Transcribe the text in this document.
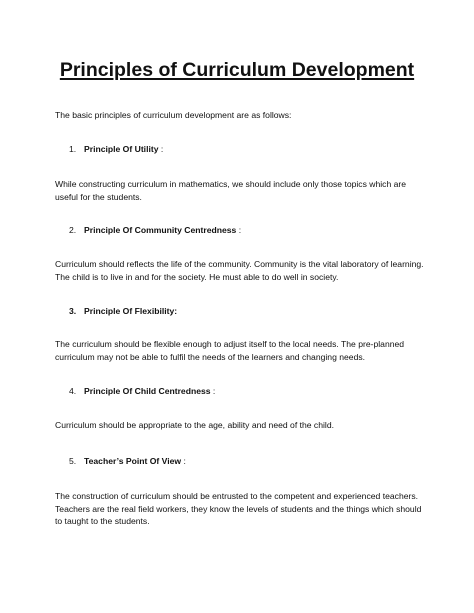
Principles of Curriculum Development
The basic principles of curriculum development are as follows:
1. Principle Of Utility :
While constructing curriculum in mathematics, we should include only those topics which are useful for the students.
2. Principle Of Community Centredness :
Curriculum should reflects the life of the community. Community is the vital laboratory of learning. The child is to live in and for the society. He must able to do well in society.
3. Principle Of Flexibility:
The curriculum should be flexible enough to adjust itself to the local needs. The pre-planned curriculum may not be able to fulfil the needs of the learners and changing needs.
4. Principle Of Child Centredness :
Curriculum should be appropriate to the age, ability and need of the child.
5. Teacher’s Point Of View :
The construction of curriculum should be entrusted to the competent and experienced teachers. Teachers are the real field workers, they know the levels of students and the things which should to taught to the students.
